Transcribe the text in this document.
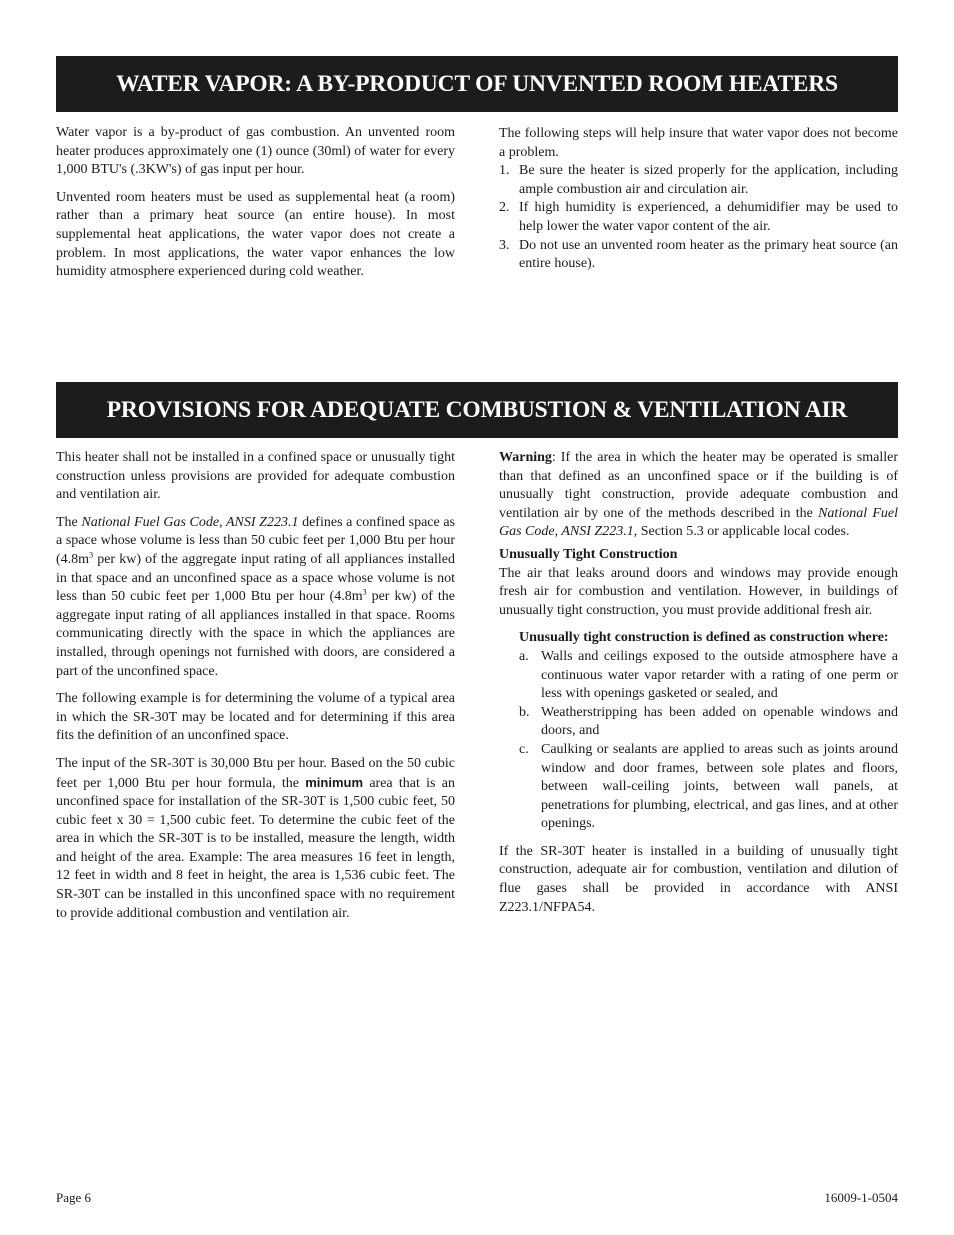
WATER VAPOR: A BY-PRODUCT OF UNVENTED ROOM HEATERS

Water vapor is a by-product of gas combustion. An unvented room heater produces approximately one (1) ounce (30ml) of water for every 1,000 BTU's (.3KW's) of gas input per hour.

Unvented room heaters must be used as supplemental heat (a room) rather than a primary heat source (an entire house). In most supplemental heat applications, the water vapor does not create a problem. In most applications, the water vapor enhances the low humidity atmosphere experienced during cold weather.

The following steps will help insure that water vapor does not become a problem.

1. Be sure the heater is sized properly for the application, including ample combustion air and circulation air.
2. If high humidity is experienced, a dehumidifier may be used to help lower the water vapor content of the air.
3. Do not use an unvented room heater as the primary heat source (an entire house).
PROVISIONS FOR ADEQUATE COMBUSTION & VENTILATION AIR

This heater shall not be installed in a confined space or unusually tight construction unless provisions are provided for adequate combustion and ventilation air.

The National Fuel Gas Code, ANSI Z223.1 defines a confined space as a space whose volume is less than 50 cubic feet per 1,000 Btu per hour ($4.8m^3$ per kw) of the aggregate input rating of all appliances installed in that space and an unconfined space as a space whose volume is not less than 50 cubic feet per 1,000 Btu per hour ($4.8m^3$ per kw) of the aggregate input rating of all appliances installed in that space. Rooms communicating directly with the space in which the appliances are installed, through openings not furnished with doors, are considered a part of the unconfined space.

The following example is for determining the volume of a typical area in which the SR-30T may be located and for determining if this area fits the definition of an unconfined space.

The input of the SR-30T is 30,000 Btu per hour. Based on the 50 cubic feet per 1,000 Btu per hour formula, the minimum area that is an unconfined space for installation of the SR-30T is 1,500 cubic feet, 50 cubic feet x 30 = 1,500 cubic feet. To determine the cubic feet of the area in which the SR-30T is to be installed, measure the length, width and height of the area. Example: The area measures 16 feet in length, 12 feet in width and 8 feet in height, the area is 1,536 cubic feet. The SR-30T can be installed in this unconfined space with no requirement to provide additional combustion and ventilation air.

Warning: If the area in which the heater may be operated is smaller than that defined as an unconfined space or if the building is of unusually tight construction, provide adequate combustion and ventilation air by one of the methods described in the National Fuel Gas Code, ANSI Z223.1, Section 5.3 or applicable local codes.

Unusually Tight Construction

The air that leaks around doors and windows may provide enough fresh air for combustion and ventilation. However, in buildings of unusually tight construction, you must provide additional fresh air.

Unusually tight construction is defined as construction where:

a. Walls and ceilings exposed to the outside atmosphere have a continuous water vapor retarder with a rating of one perm or less with openings gasketed or sealed, and
b. Weatherstripping has been added on openable windows and doors, and
c. Caulking or sealants are applied to areas such as joints around window and door frames, between sole plates and floors, between wall-ceiling joints, between wall panels, at penetrations for plumbing, electrical, and gas lines, and at other openings.

If the SR-30T heater is installed in a building of unusually tight construction, adequate air for combustion, ventilation and dilution of flue gases shall be provided in accordance with ANSI Z223.1/NFPA54.

Page 6	16009-1-0504
